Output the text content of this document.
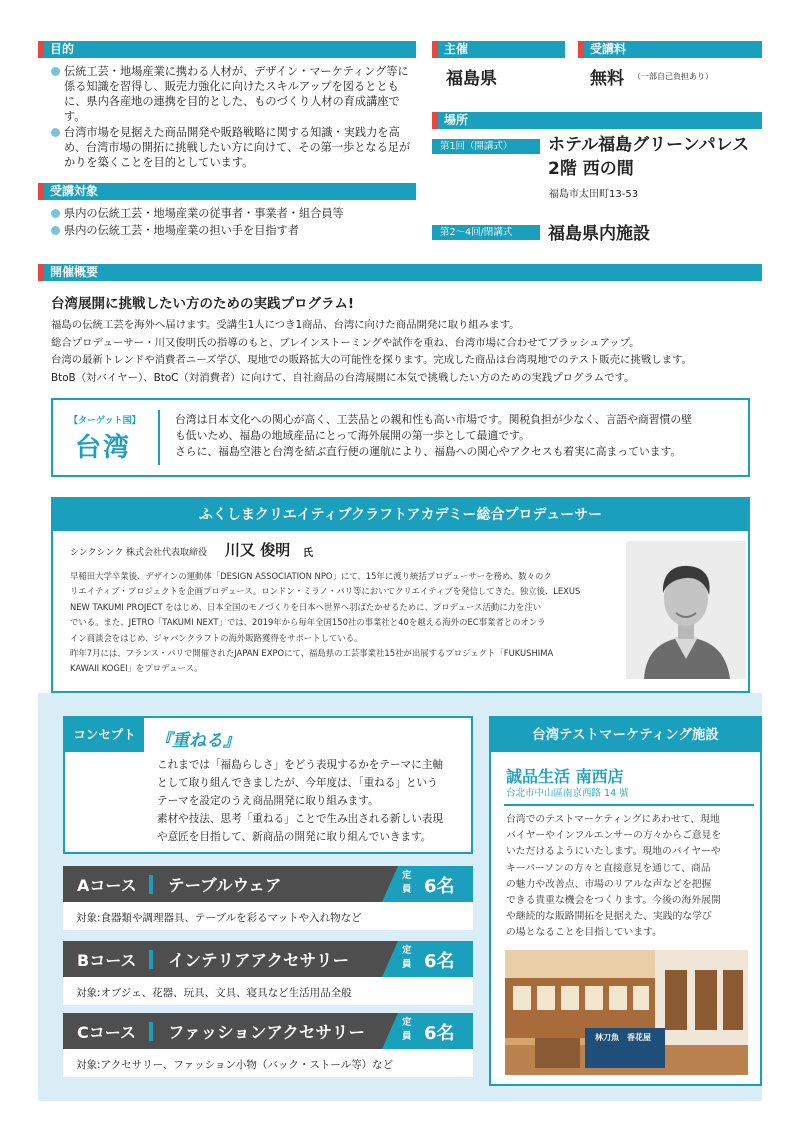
目的
伝統工芸・地場産業に携わる人材が、デザイン・マーケティング等に係る知識を習得し、販売力強化に向けたスキルアップを図るとともに、県内各産地の連携を目的とした、ものづくり人材の育成講座です。
台湾市場を見据えた商品開発や販路戦略に関する知識・実践力を高め、台湾市場の開拓に挑戦したい方に向けて、その第一歩となる足がかりを築くことを目的としています。
受講対象
県内の伝統工芸・地場産業の従事者・事業者・組合員等
県内の伝統工芸・地場産業の担い手を目指す者
主催
福島県
受講料
無料 （一部自己負担あり）
場所
第1回（開講式）	ホテル福島グリーンパレス
2階 西の間
福島市太田町13-53
第2〜4回/閉講式	福島県内施設
開催概要
台湾展開に挑戦したい方のための実践プログラム!
福島の伝統工芸を海外へ届けます。受講生1人につき1商品、台湾に向けた商品開発に取り組みます。
総合プロデューサー・川又俊明氏の指導のもと、ブレインストーミングや試作を重ね、台湾市場に合わせてブラッシュアップ。
台湾の最新トレンドや消費者ニーズ学び、現地での販路拡大の可能性を探ります。完成した商品は台湾現地でのテスト販売に挑戦します。
BtoB（対バイヤー）、BtoC（対消費者）に向けて、自社商品の台湾展開に本気で挑戦したい方のための実践プログラムです。
【ターゲット国】
台湾
台湾は日本文化への関心が高く、工芸品との親和性も高い市場です。関税負担が少なく、言語や商習慣の壁
も低いため、福島の地域産品にとって海外展開の第一歩として最適です。
さらに、福島空港と台湾を結ぶ直行便の運航により、福島への関心やアクセスも着実に高まっています。
ふくしまクリエイティブクラフトアカデミー総合プロデューサー
シンクシンク 株式会社代表取締役 川又 俊明 氏
早稲田大学卒業後、デザインの運動体「DESIGN ASSOCIATION NPO」にて、15年に渡り統括プロデューサーを務め、数々のク
リエイティブ・プロジェクトを企画プロデュース。ロンドン・ミラノ・パリ等においてクリエイティブを発信してきた。独立後、LEXUS
NEW TAKUMI PROJECT をはじめ、日本全国のモノづくりを日本へ世界へ羽ばたかせるために、プロデュース活動に力を注い
でいる。また、JETRO「TAKUMI NEXT」では、2019年から毎年全国150社の事業社と40を越える海外のEC事業者とのオンラ
イン商談会をはじめ、ジャパンクラフトの海外販路獲得をサポートしている。
昨年7月には、フランス・パリで開催されたJAPAN EXPOにて、福島県の工芸事業社15社が出展するプロジェクト「FUKUSHIMA
KAWAII KOGEI」をプロデュース。
コンセプト	『重ねる』
これまでは「福島らしさ」をどう表現するかをテーマに主軸
として取り組んできましたが、今年度は、「重ねる」という
テーマを設定のうえ商品開発に取り組みます。
素材や技法、思考「重ねる」ことで生み出される新しい表現
や意匠を目指して、新商品の開発に取り組んでいきます。
Aコース テーブルウェア
定員 6名
対象:食器類や調理器具、テーブルを彩るマットや入れ物など
Bコース インテリアアクセサリー
定員 6名
対象:オブジェ、花器、玩具、文具、寝具など生活用品全般
Cコース ファッションアクセサリー
定員 6名
対象:アクセサリー、ファッション小物（バック・ストール等）など
台湾テストマーケティング施設
誠品生活 南西店
台北市中山區南京西路 14 號
台湾でのテストマーケティングにあわせて、現地
バイヤーやインフルエンサーの方々からご意見を
いただけるようにいたします。現地のバイヤーや
キーパーソンの方々と直接意見を通じて、商品
の魅力や改善点、市場のリアルな声などを把握
できる貴重な機会をつくります。今後の海外展開
や継続的な販路開拓を見据えた、実践的な学び
の場となることを目指しています。
林刀魚 香花屋
